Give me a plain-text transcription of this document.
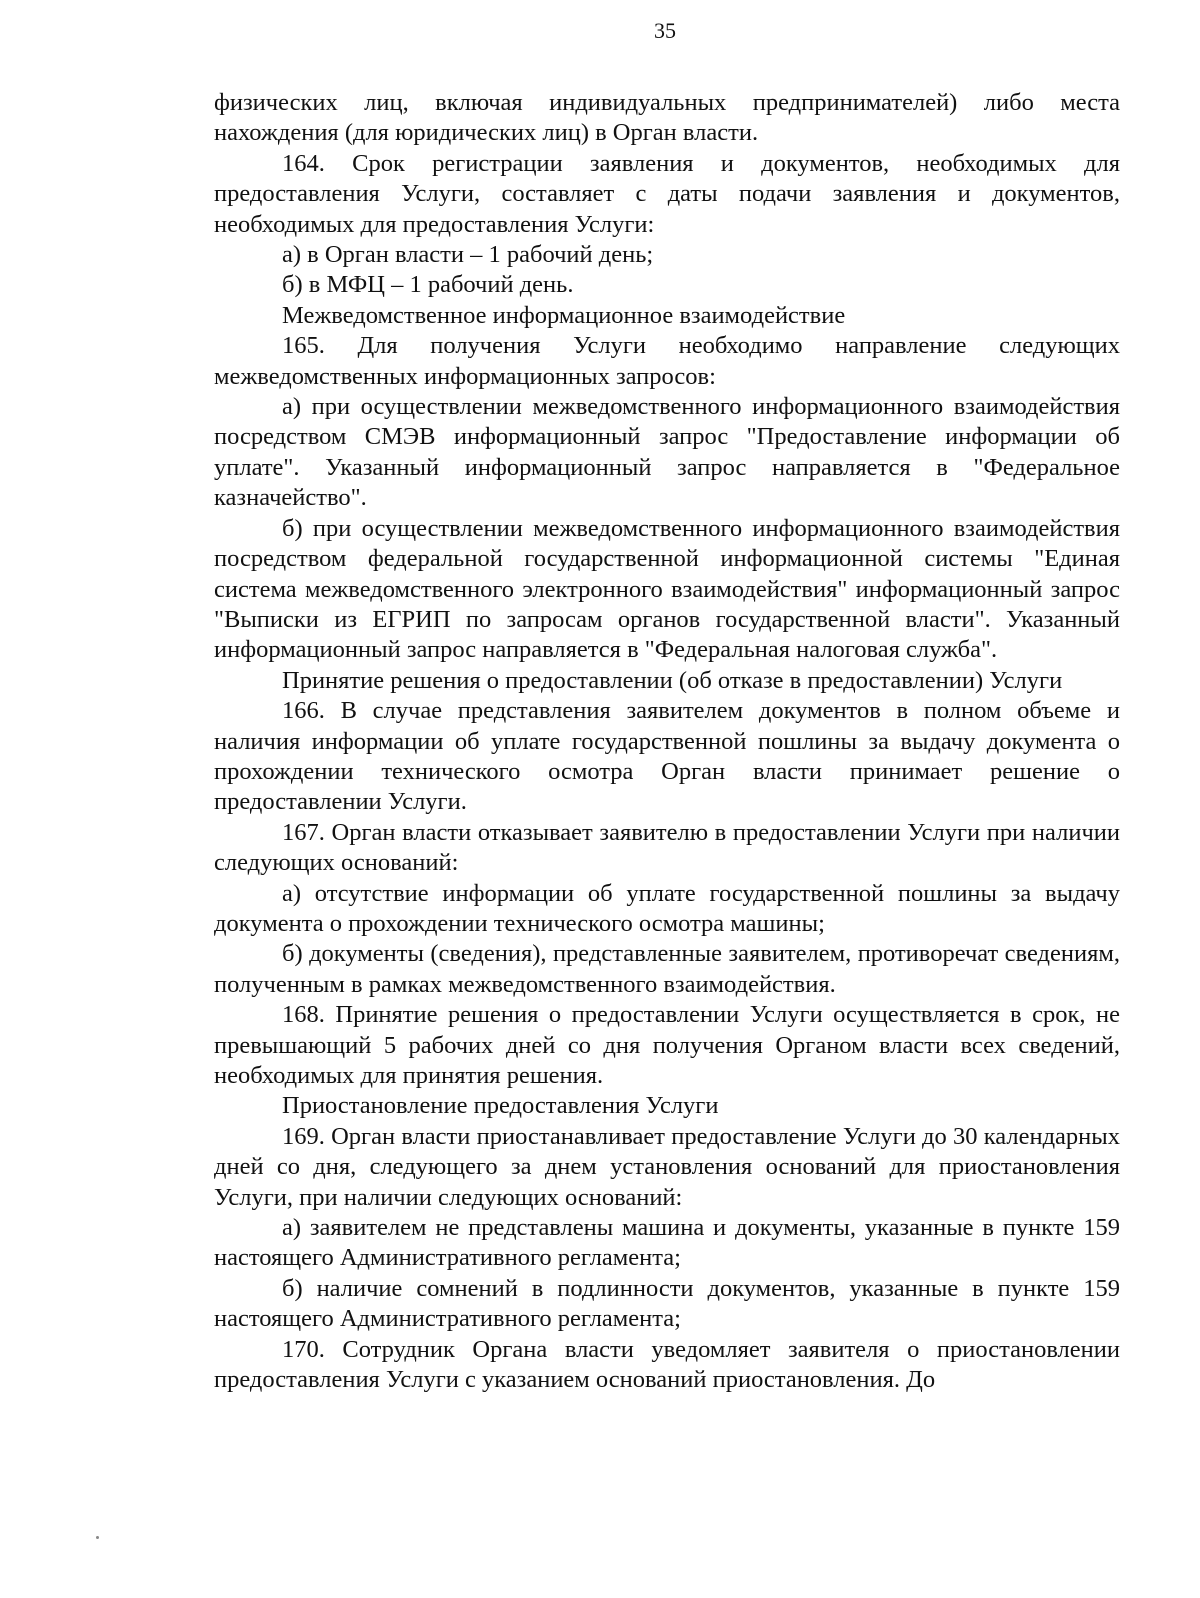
35

физических лиц, включая индивидуальных предпринимателей) либо места нахождения (для юридических лиц) в Орган власти.

164. Срок регистрации заявления и документов, необходимых для предоставления Услуги, составляет с даты подачи заявления и документов, необходимых для предоставления Услуги:

а) в Орган власти – 1 рабочий день;

б) в МФЦ – 1 рабочий день.

Межведомственное информационное взаимодействие

165. Для получения Услуги необходимо направление следующих межведомственных информационных запросов:

а) при осуществлении межведомственного информационного взаимодействия посредством СМЭВ информационный запрос "Предоставление информации об уплате". Указанный информационный запрос направляется в "Федеральное казначейство".

б) при осуществлении межведомственного информационного взаимодействия посредством федеральной государственной информационной системы "Единая система межведомственного электронного взаимодействия" информационный запрос "Выписки из ЕГРИП по запросам органов государственной власти". Указанный информационный запрос направляется в "Федеральная налоговая служба".

Принятие решения о предоставлении (об отказе в предоставлении) Услуги

166. В случае представления заявителем документов в полном объеме и наличия информации об уплате государственной пошлины за выдачу документа о прохождении технического осмотра Орган власти принимает решение о предоставлении Услуги.

167. Орган власти отказывает заявителю в предоставлении Услуги при наличии следующих оснований:

а) отсутствие информации об уплате государственной пошлины за выдачу документа о прохождении технического осмотра машины;

б) документы (сведения), представленные заявителем, противоречат сведениям, полученным в рамках межведомственного взаимодействия.

168. Принятие решения о предоставлении Услуги осуществляется в срок, не превышающий 5 рабочих дней со дня получения Органом власти всех сведений, необходимых для принятия решения.

Приостановление предоставления Услуги

169. Орган власти приостанавливает предоставление Услуги до 30 календарных дней со дня, следующего за днем установления оснований для приостановления Услуги, при наличии следующих оснований:

а) заявителем не представлены машина и документы, указанные в пункте 159 настоящего Административного регламента;

б) наличие сомнений в подлинности документов, указанные в пункте 159 настоящего Административного регламента;

170. Сотрудник Органа власти уведомляет заявителя о приостановлении предоставления Услуги с указанием оснований приостановления. До
